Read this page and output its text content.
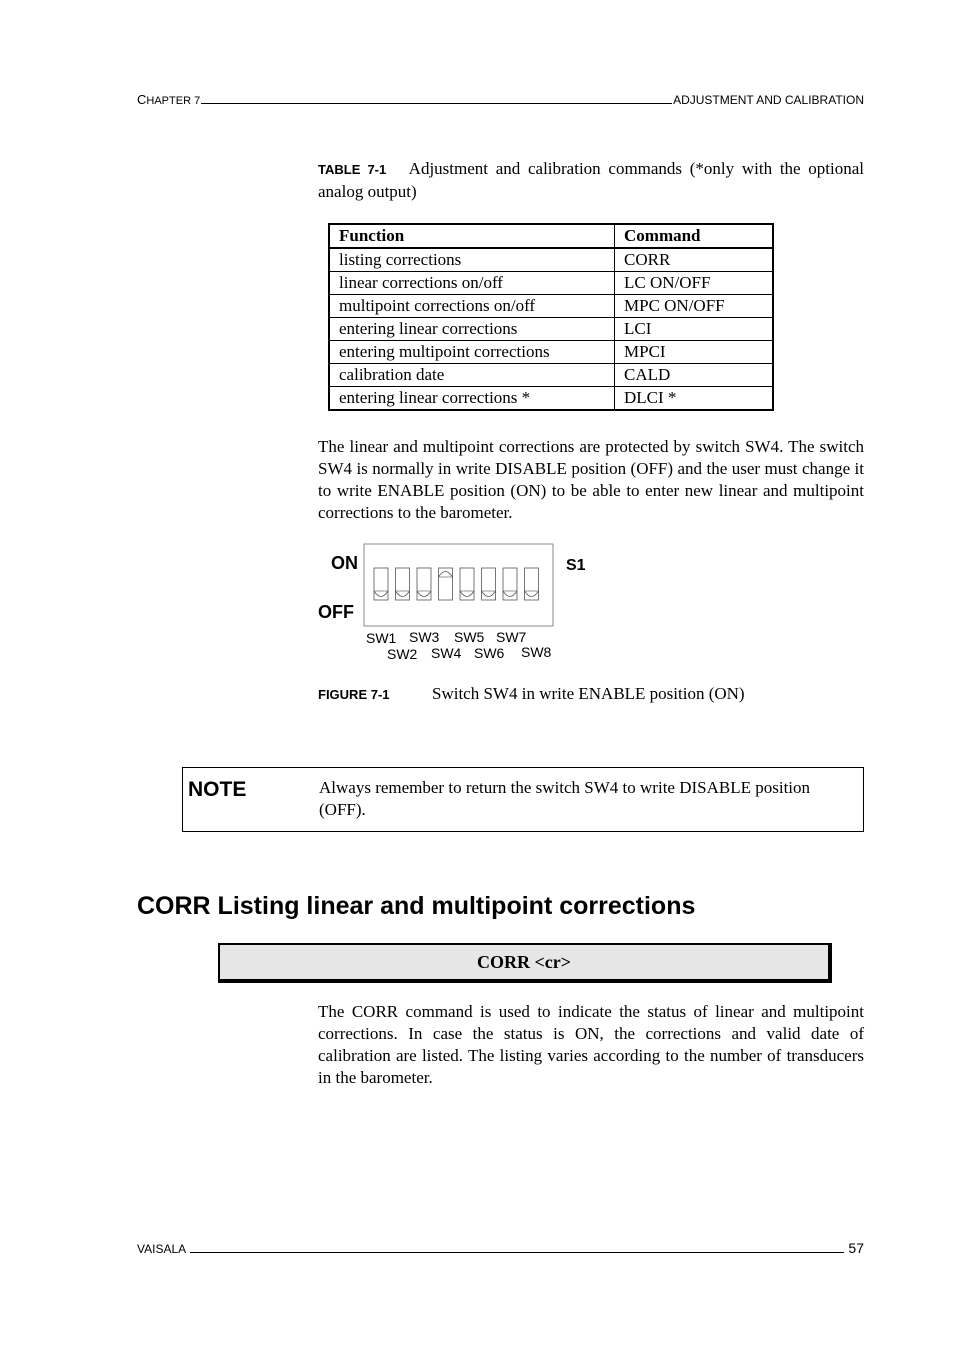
CHAPTER 7	ADJUSTMENT AND CALIBRATION
TABLE 7-1 Adjustment and calibration commands (*only with the optional analog output)
Function	Command
listing corrections	CORR
linear corrections on/off	LC ON/OFF
multipoint corrections on/off	MPC ON/OFF
entering linear corrections	LCI
entering multipoint corrections	MPCI
calibration date	CALD
entering linear corrections *	DLCI *
The linear and multipoint corrections are protected by switch SW4. The switch SW4 is normally in write DISABLE position (OFF) and the user must change it to write ENABLE position (ON) to be able to enter new linear and multipoint corrections to the barometer.
ON
OFF
S1
SW1
SW2
SW3
SW4
SW5
SW6
SW7
SW8
FIGURE 7-1 Switch SW4 in write ENABLE position (ON)
NOTE	Always remember to return the switch SW4 to write DISABLE position (OFF).
CORR Listing linear and multipoint corrections
CORR <cr>
The CORR command is used to indicate the status of linear and multipoint corrections. In case the status is ON, the corrections and valid date of calibration are listed. The listing varies according to the number of transducers in the barometer.
VAISALA	57
